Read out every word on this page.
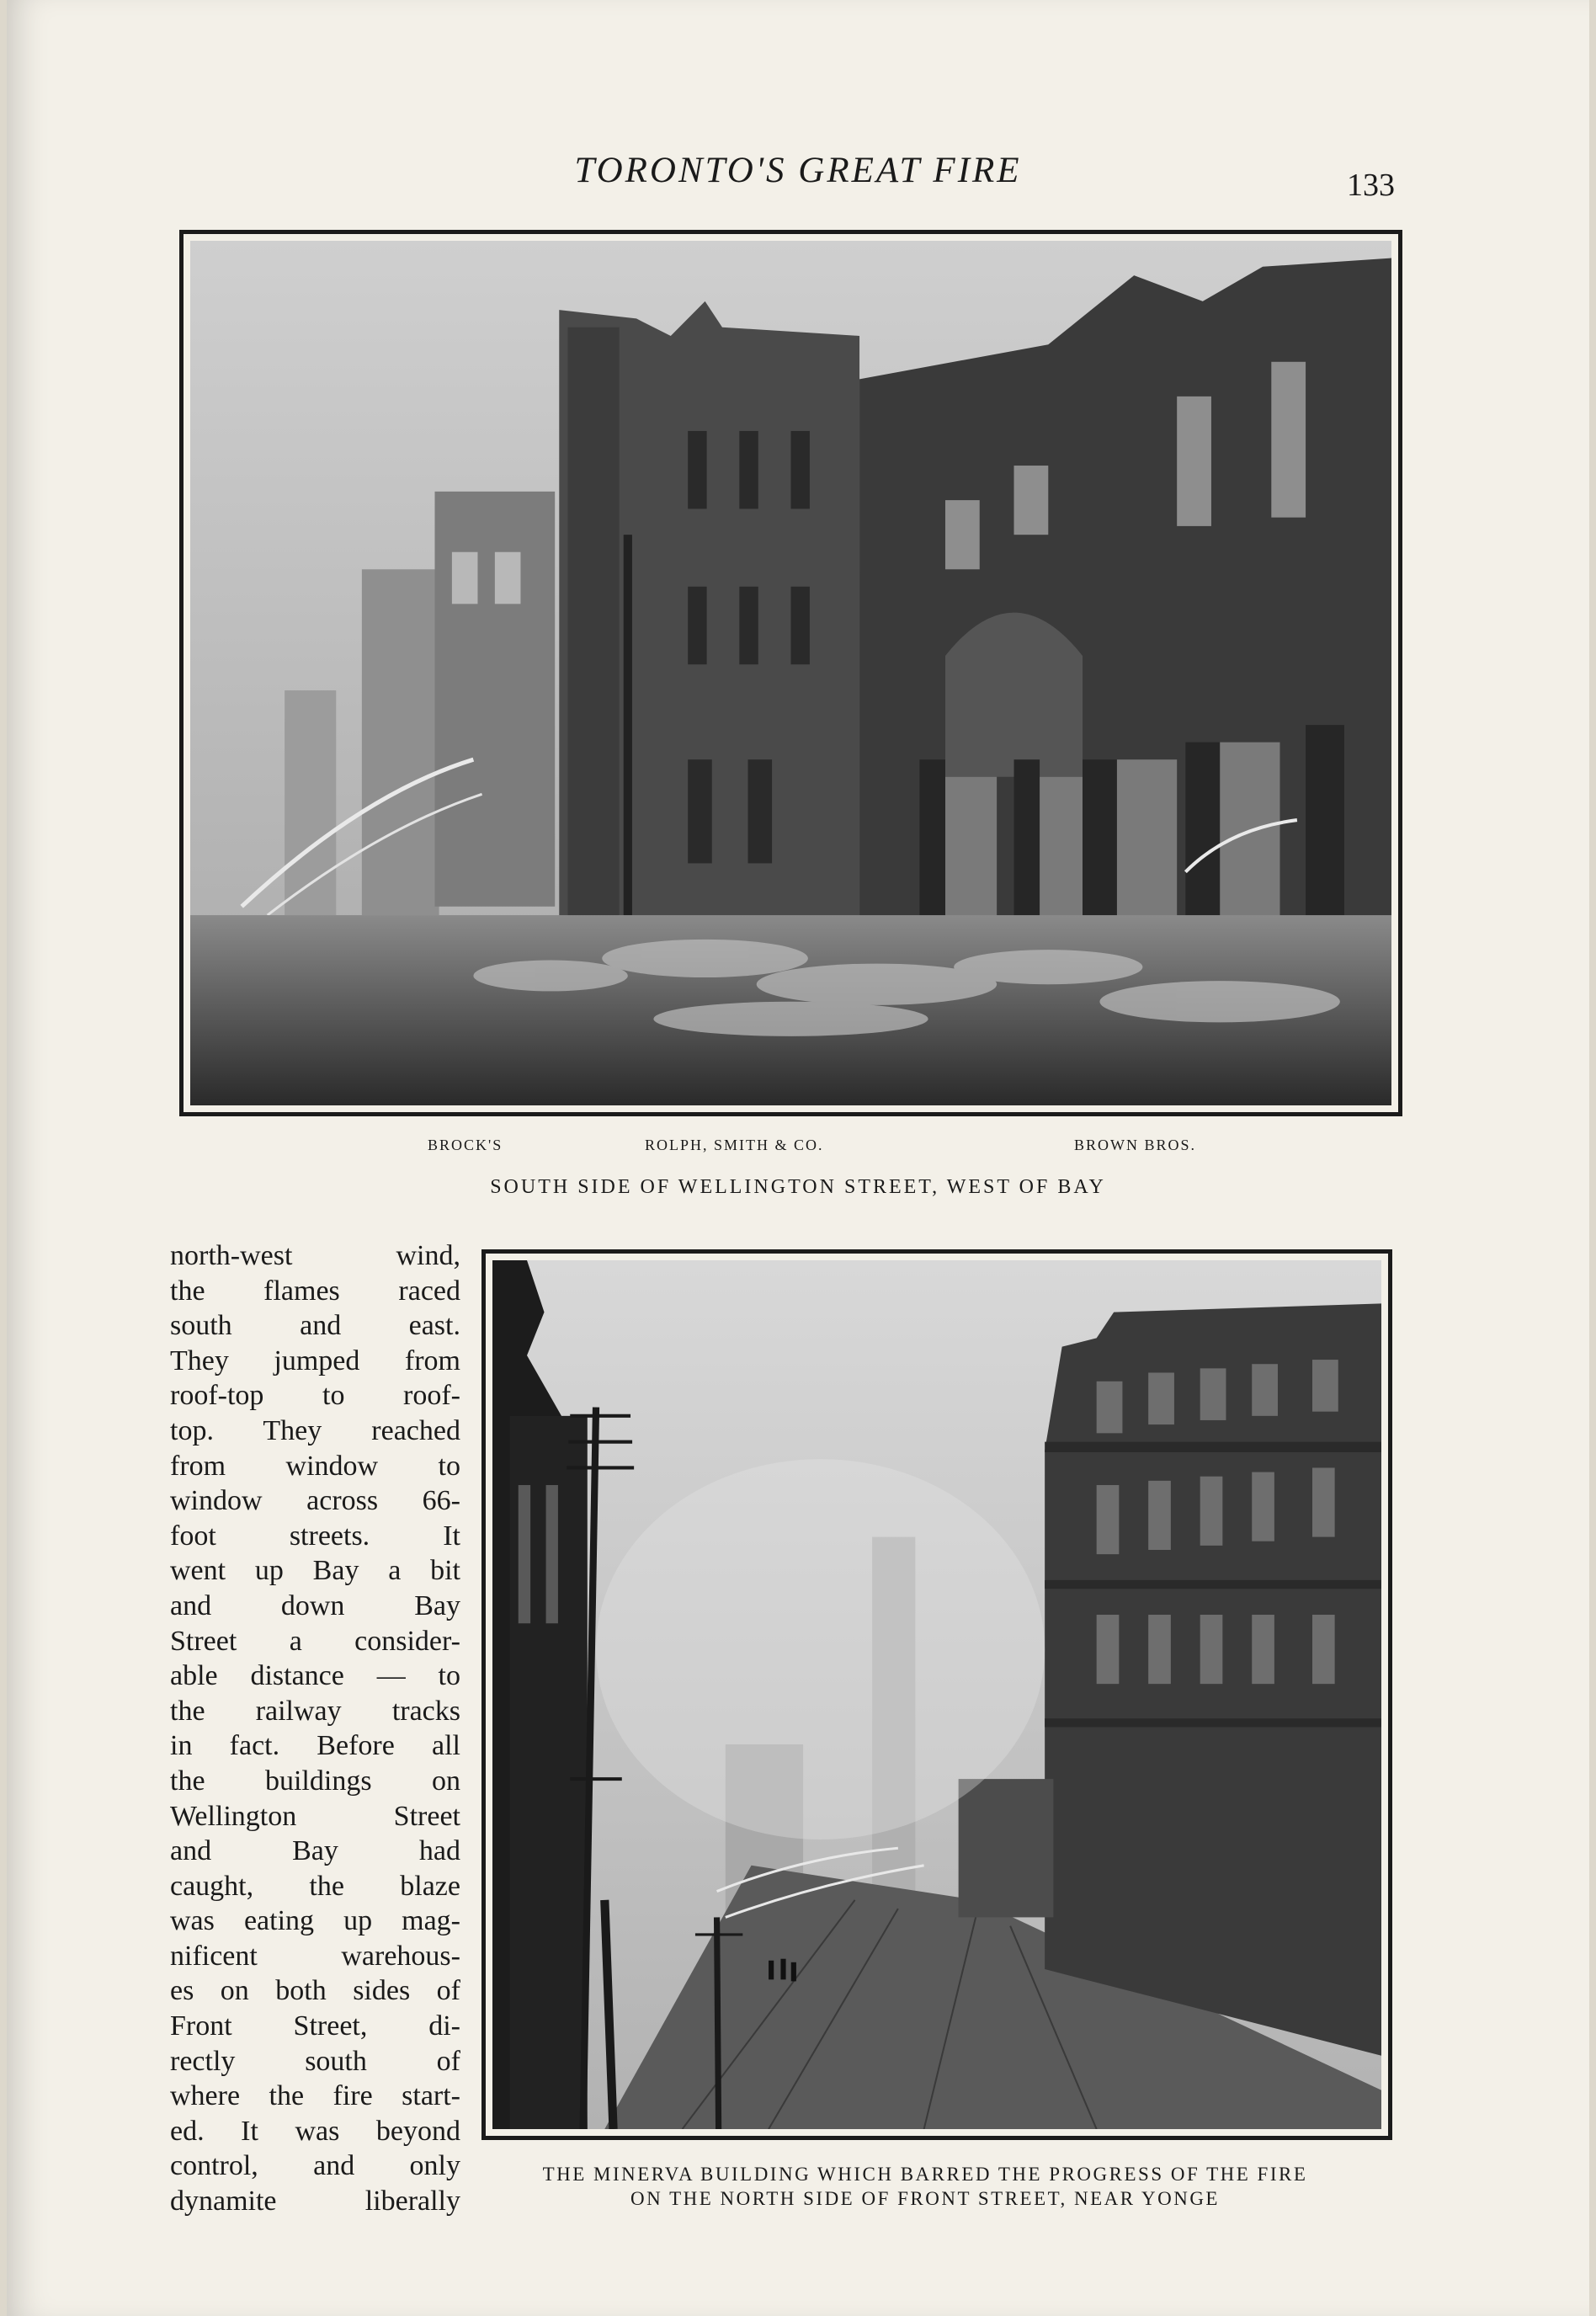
TORONTO'S GREAT FIRE	133
BROCK'S	ROLPH, SMITH & CO.	BROWN BROS.
SOUTH SIDE OF WELLINGTON STREET, WEST OF BAY
north-west wind,
the flames raced
south and east.
They jumped from
roof-top to roof-
top. They reached
from window to
window across 66-
foot streets. It
went up Bay a bit
and down Bay
Street a consider-
able distance — to
the railway tracks
in fact. Before all
the buildings on
Wellington Street
and Bay had
caught, the blaze
was eating up mag-
nificent warehous-
es on both sides of
Front Street, di-
rectly south of
where the fire start-
ed. It was beyond
control, and only
dynamite liberally
THE MINERVA BUILDING WHICH BARRED THE PROGRESS OF THE FIRE
ON THE NORTH SIDE OF FRONT STREET, NEAR YONGE
